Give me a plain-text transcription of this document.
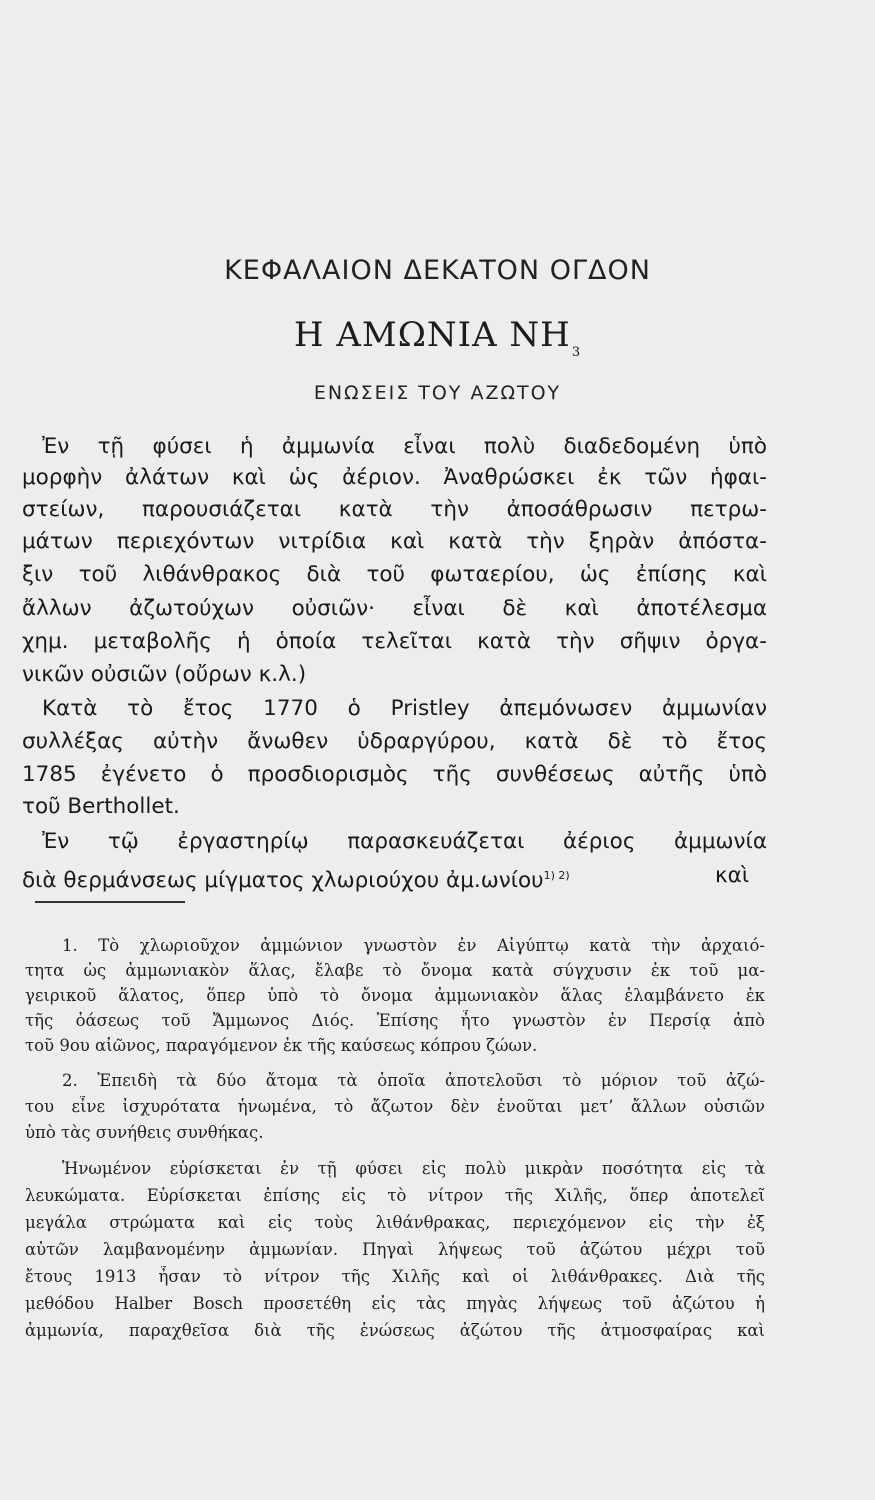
ΚΕΦΑΛΑΙΟΝ ΔΕΚΑΤΟΝ ΟΓΔΟΝ
Η ΑΜΩΝΙΑ $NH_3$
ΕΝΩΣΕΙΣ ΤΟΥ ΑΖΩΤΟΥ
Ἐν τῇ φύσει ἡ ἀμμωνία εἶναι πολὺ διαδεδομένη ὑπὸ
μορφὴν ἀλάτων καὶ ὡς ἀέριον. Ἀναθρώσκει ἐκ τῶν ἡφαι-
στείων, παρουσιάζεται κατὰ τὴν ἀποσάθρωσιν πετρω-
μάτων περιεχόντων νιτρίδια καὶ κατὰ τὴν ξηρὰν ἀπόστα-
ξιν τοῦ λιθάνθρακος διὰ τοῦ φωταερίου, ὡς ἐπίσης καὶ
ἄλλων ἀζωτούχων οὐσιῶν· εἶναι δὲ καὶ ἀποτέλεσμα
χημ. μεταβολῆς ἡ ὁποία τελεῖται κατὰ τὴν σῆψιν ὀργα-
νικῶν οὐσιῶν (οὔρων κ.λ.)
Κατὰ τὸ ἔτος 1770 ὁ Pristley ἀπεμόνωσεν ἀμμωνίαν
συλλέξας αὐτὴν ἄνωθεν ὑδραργύρου, κατὰ δὲ τὸ ἔτος
1785 ἐγένετο ὁ προσδιορισμὸς τῆς συνθέσεως αὐτῆς ὑπὸ
τοῦ Berthollet.
Ἐν τῷ ἐργαστηρίῳ παρασκευάζεται ἀέριος ἀμμωνία
διὰ θερμάνσεως μίγματος χλωριούχου ἀμ.ωνίου$^{1) 2)}$	καὶ
1. Τὸ χλωριοῦχον ἀμμώνιον γνωστὸν ἐν Αἰγύπτῳ κατὰ τὴν ἀρχαιό-
τητα ὡς ἀμμωνιακὸν ἅλας, ἔλαβε τὸ ὄνομα κατὰ σύγχυσιν ἐκ τοῦ μα-
γειρικοῦ ἅλατος, ὅπερ ὑπὸ τὸ ὄνομα ἀμμωνιακὸν ἅλας ἐλαμβάνετο ἐκ
τῆς ὀάσεως τοῦ Ἄμμωνος Διός. Ἐπίσης ἦτο γνωστὸν ἐν Περσίᾳ ἀπὸ
τοῦ 9ου αἰῶνος, παραγόμενον ἐκ τῆς καύσεως κόπρου ζώων.
2. Ἐπειδὴ τὰ δύο ἄτομα τὰ ὁποῖα ἀποτελοῦσι τὸ μόριον τοῦ ἀζώ-
του εἶνε ἰσχυρότατα ἡνωμένα, τὸ ἄζωτον δὲν ἑνοῦται μετ’ ἄλλων οὐσιῶν
ὑπὸ τὰς συνήθεις συνθήκας.
Ἡνωμένον εὑρίσκεται ἐν τῇ φύσει εἰς πολὺ μικρὰν ποσότητα εἰς τὰ
λευκώματα. Εὑρίσκεται ἐπίσης εἰς τὸ νίτρον τῆς Χιλῆς, ὅπερ ἀποτελεῖ
μεγάλα στρώματα καὶ εἰς τοὺς λιθάνθρακας, περιεχόμενον εἰς τὴν ἐξ
αὐτῶν λαμβανομένην ἀμμωνίαν. Πηγαὶ λήψεως τοῦ ἀζώτου μέχρι τοῦ
ἔτους 1913 ἦσαν τὸ νίτρον τῆς Χιλῆς καὶ οἱ λιθάνθρακες. Διὰ τῆς
μεθόδου Halber Bosch προσετέθη εἰς τὰς πηγὰς λήψεως τοῦ ἀζώτου ἡ
ἀμμωνία, παραχθεῖσα διὰ τῆς ἑνώσεως ἀζώτου τῆς ἀτμοσφαίρας καὶ
